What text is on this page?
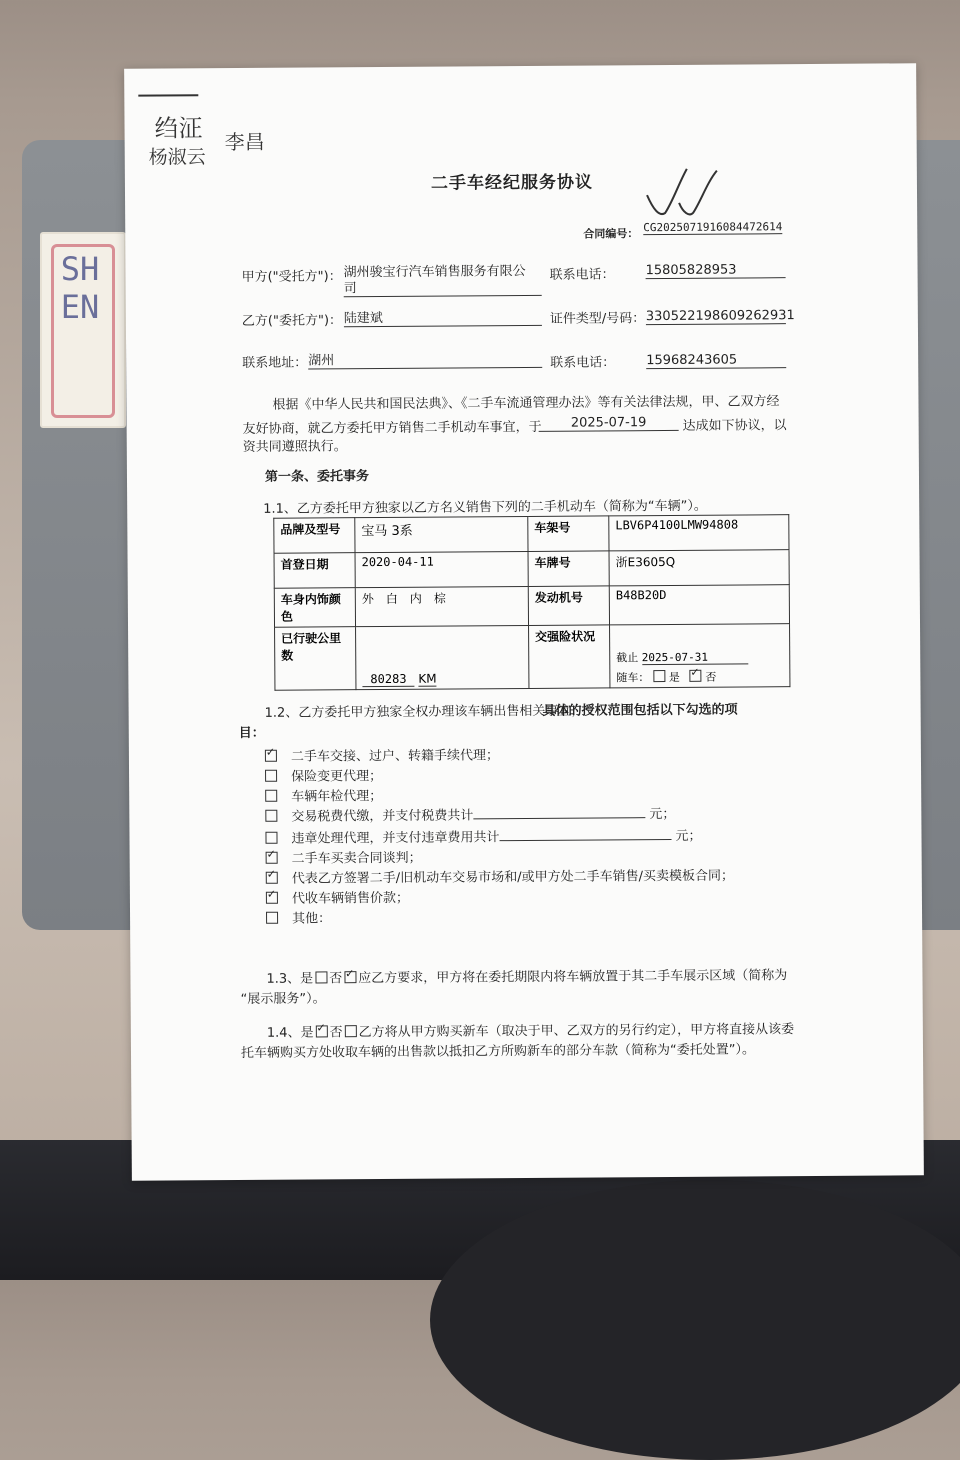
SHEN
绉泟
杨淑云
李昌
二手车经纪服务协议
合同编号： CG2025071916084472614
甲方("受托方")： 湖州骏宝行汽车销售服务有限公
司
联系电话： 15805828953
乙方("委托方")： 陆建斌	证件类型/号码： 330522198609262931
联系地址： 湖州	联系电话： 15968243605
根据《中华人民共和国民法典》、《二手车流通管理办法》等有关法律法规，甲、乙双方经
友好协商，就乙方委托甲方销售二手机动车事宜，于	2025-07-19	达成如下协议，以
资共同遵照执行。
第一条、委托事务
1.1、乙方委托甲方独家以乙方名义销售下列的二手机动车（简称为“车辆”）。
品牌及型号	宝马 3系	车架号	LBV6P4100LMW94808
首登日期	2020-04-11	车牌号	浙E3605Q
车身内饰颜色	外　白　内　棕	发动机号	B48B20D
已行驶公里数	80283 KM	交强险状况	截止 2025-07-31
随车： 是 ✓ 否
1.2、乙方委托甲方独家全权办理该车辆出售相关事宜，
具体的授权范围包括以下勾选的项
目：
✓二手车交接、过户、转籍手续代理；
保险变更代理；
车辆年检代理；
交易税费代缴，并支付税费共计	元；
违章处理代理，并支付违章费用共计	元；
✓二手车买卖合同谈判；
✓代表乙方签署二手/旧机动车交易市场和/或甲方处二手车销售/买卖模板合同；
✓代收车辆销售价款；
其他：
1.3、是 否 ✓ 应乙方要求，甲方将在委托期限内将车辆放置于其二手车展示区域（简称为
“展示服务”）。
1.4、是 ✓ 否 乙方将从甲方购买新车（取决于甲、乙双方的另行约定），甲方将直接从该委
托车辆购买方处收取车辆的出售款以抵扣乙方所购新车的部分车款（简称为“委托处置”）。
